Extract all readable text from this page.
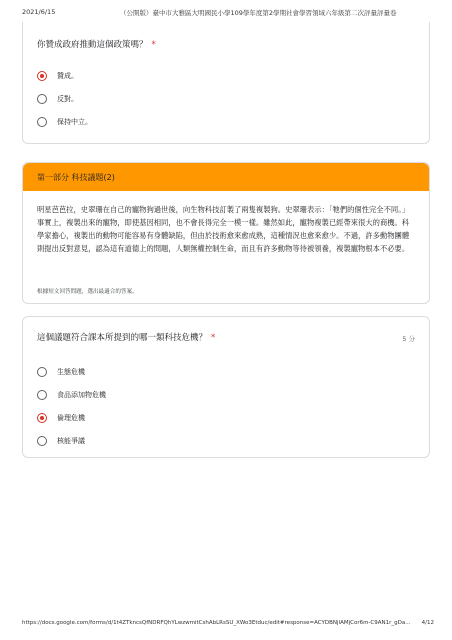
2021/6/15	（公開版）臺中市大雅區大明國民小學109學年度第2學期社會學習領域六年級第二次評量評量卷
你贊成政府推動這個政策嗎？ *
贊成。
反對。
保持中立。
第一部分 科技議題(2)
明星芭芭拉，史翠珊在自己的寵物狗過世後，向生物科技訂製了兩隻複製狗。史翠珊表示：「牠們的個性完全不同。」事實上，複製出來的寵物，即使基因相同，也不會長得完全一模一樣。雖然如此，寵物複製已經帶來很大的商機。科學家擔心，複製出的動物可能容易有身體缺陷，但由於技術愈來愈成熟，這種情況也愈來愈少。不過，許多動物團體則提出反對意見，認為這有道德上的問題，人類無權控制生命，而且有許多動物等待被領養，複製寵物根本不必要。
根據短文回答問題，選出最適合的答案。
這個議題符合課本所提到的哪一類科技危機？ *	5 分
生態危機
食品添加物危機
倫理危機
核能爭議
https://docs.google.com/forms/d/1t4ZTkncsQfNDRFQhYLwzwmitCshAbLRsSU_XWo3Etduc/edit#response=ACYDBNjlAMjCor6m-C9AN1r_gDa... 4/12
